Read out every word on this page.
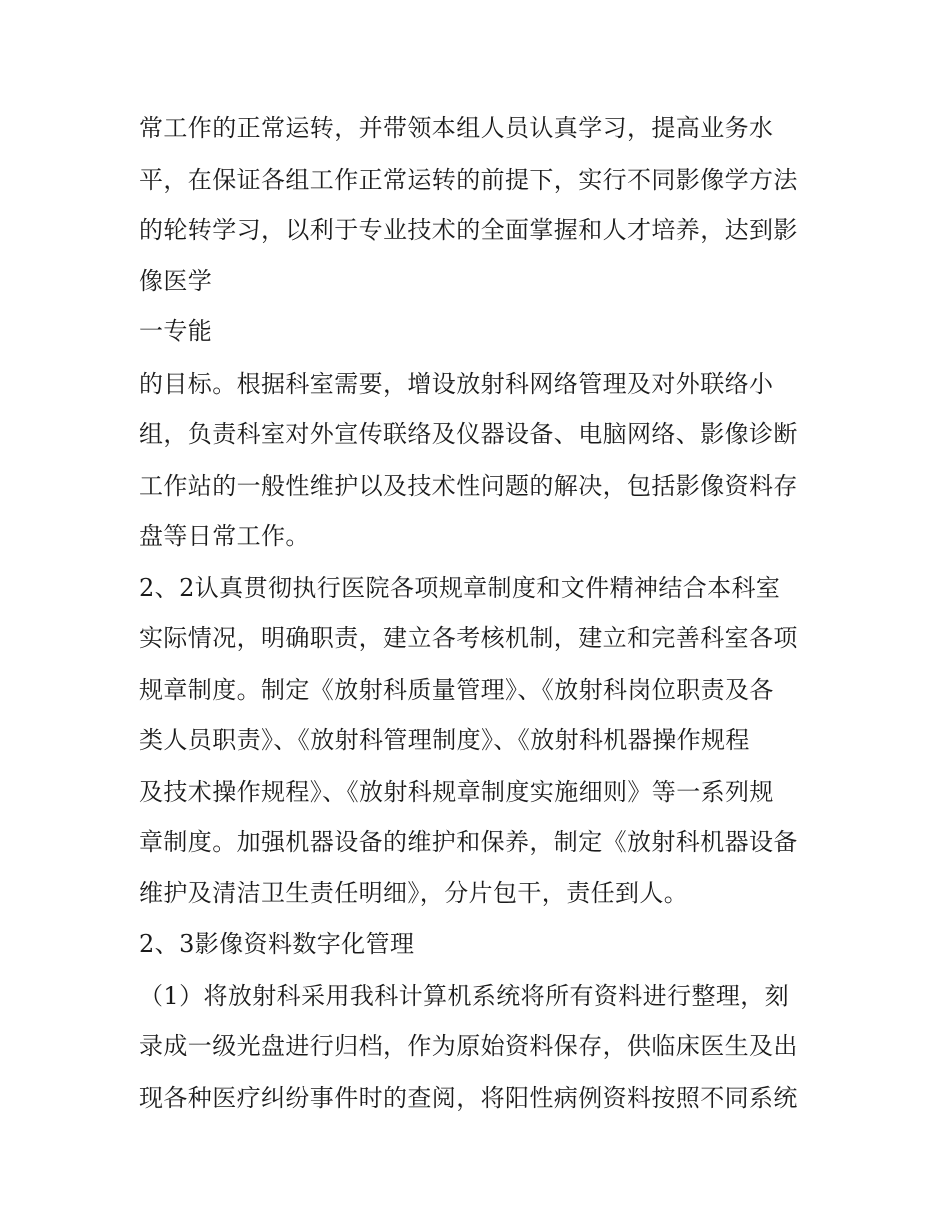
常工作的正常运转，并带领本组人员认真学习，提高业务水
平，在保证各组工作正常运转的前提下，实行不同影像学方法
的轮转学习，以利于专业技术的全面掌握和人才培养，达到影
像医学
一专能
的目标。根据科室需要，增设放射科网络管理及对外联络小
组，负责科室对外宣传联络及仪器设备、电脑网络、影像诊断
工作站的一般性维护以及技术性问题的解决，包括影像资料存
盘等日常工作。
2、2认真贯彻执行医院各项规章制度和文件精神结合本科室
实际情况，明确职责，建立各考核机制，建立和完善科室各项
规章制度。制定《放射科质量管理》、《放射科岗位职责及各
类人员职责》、《放射科管理制度》、《放射科机器操作规程
及技术操作规程》、《放射科规章制度实施细则》等一系列规
章制度。加强机器设备的维护和保养，制定《放射科机器设备
维护及清洁卫生责任明细》，分片包干，责任到人。
2、3影像资料数字化管理
（1）将放射科采用我科计算机系统将所有资料进行整理，刻
录成一级光盘进行归档，作为原始资料保存，供临床医生及出
现各种医疗纠纷事件时的查阅，将阳性病例资料按照不同系统
